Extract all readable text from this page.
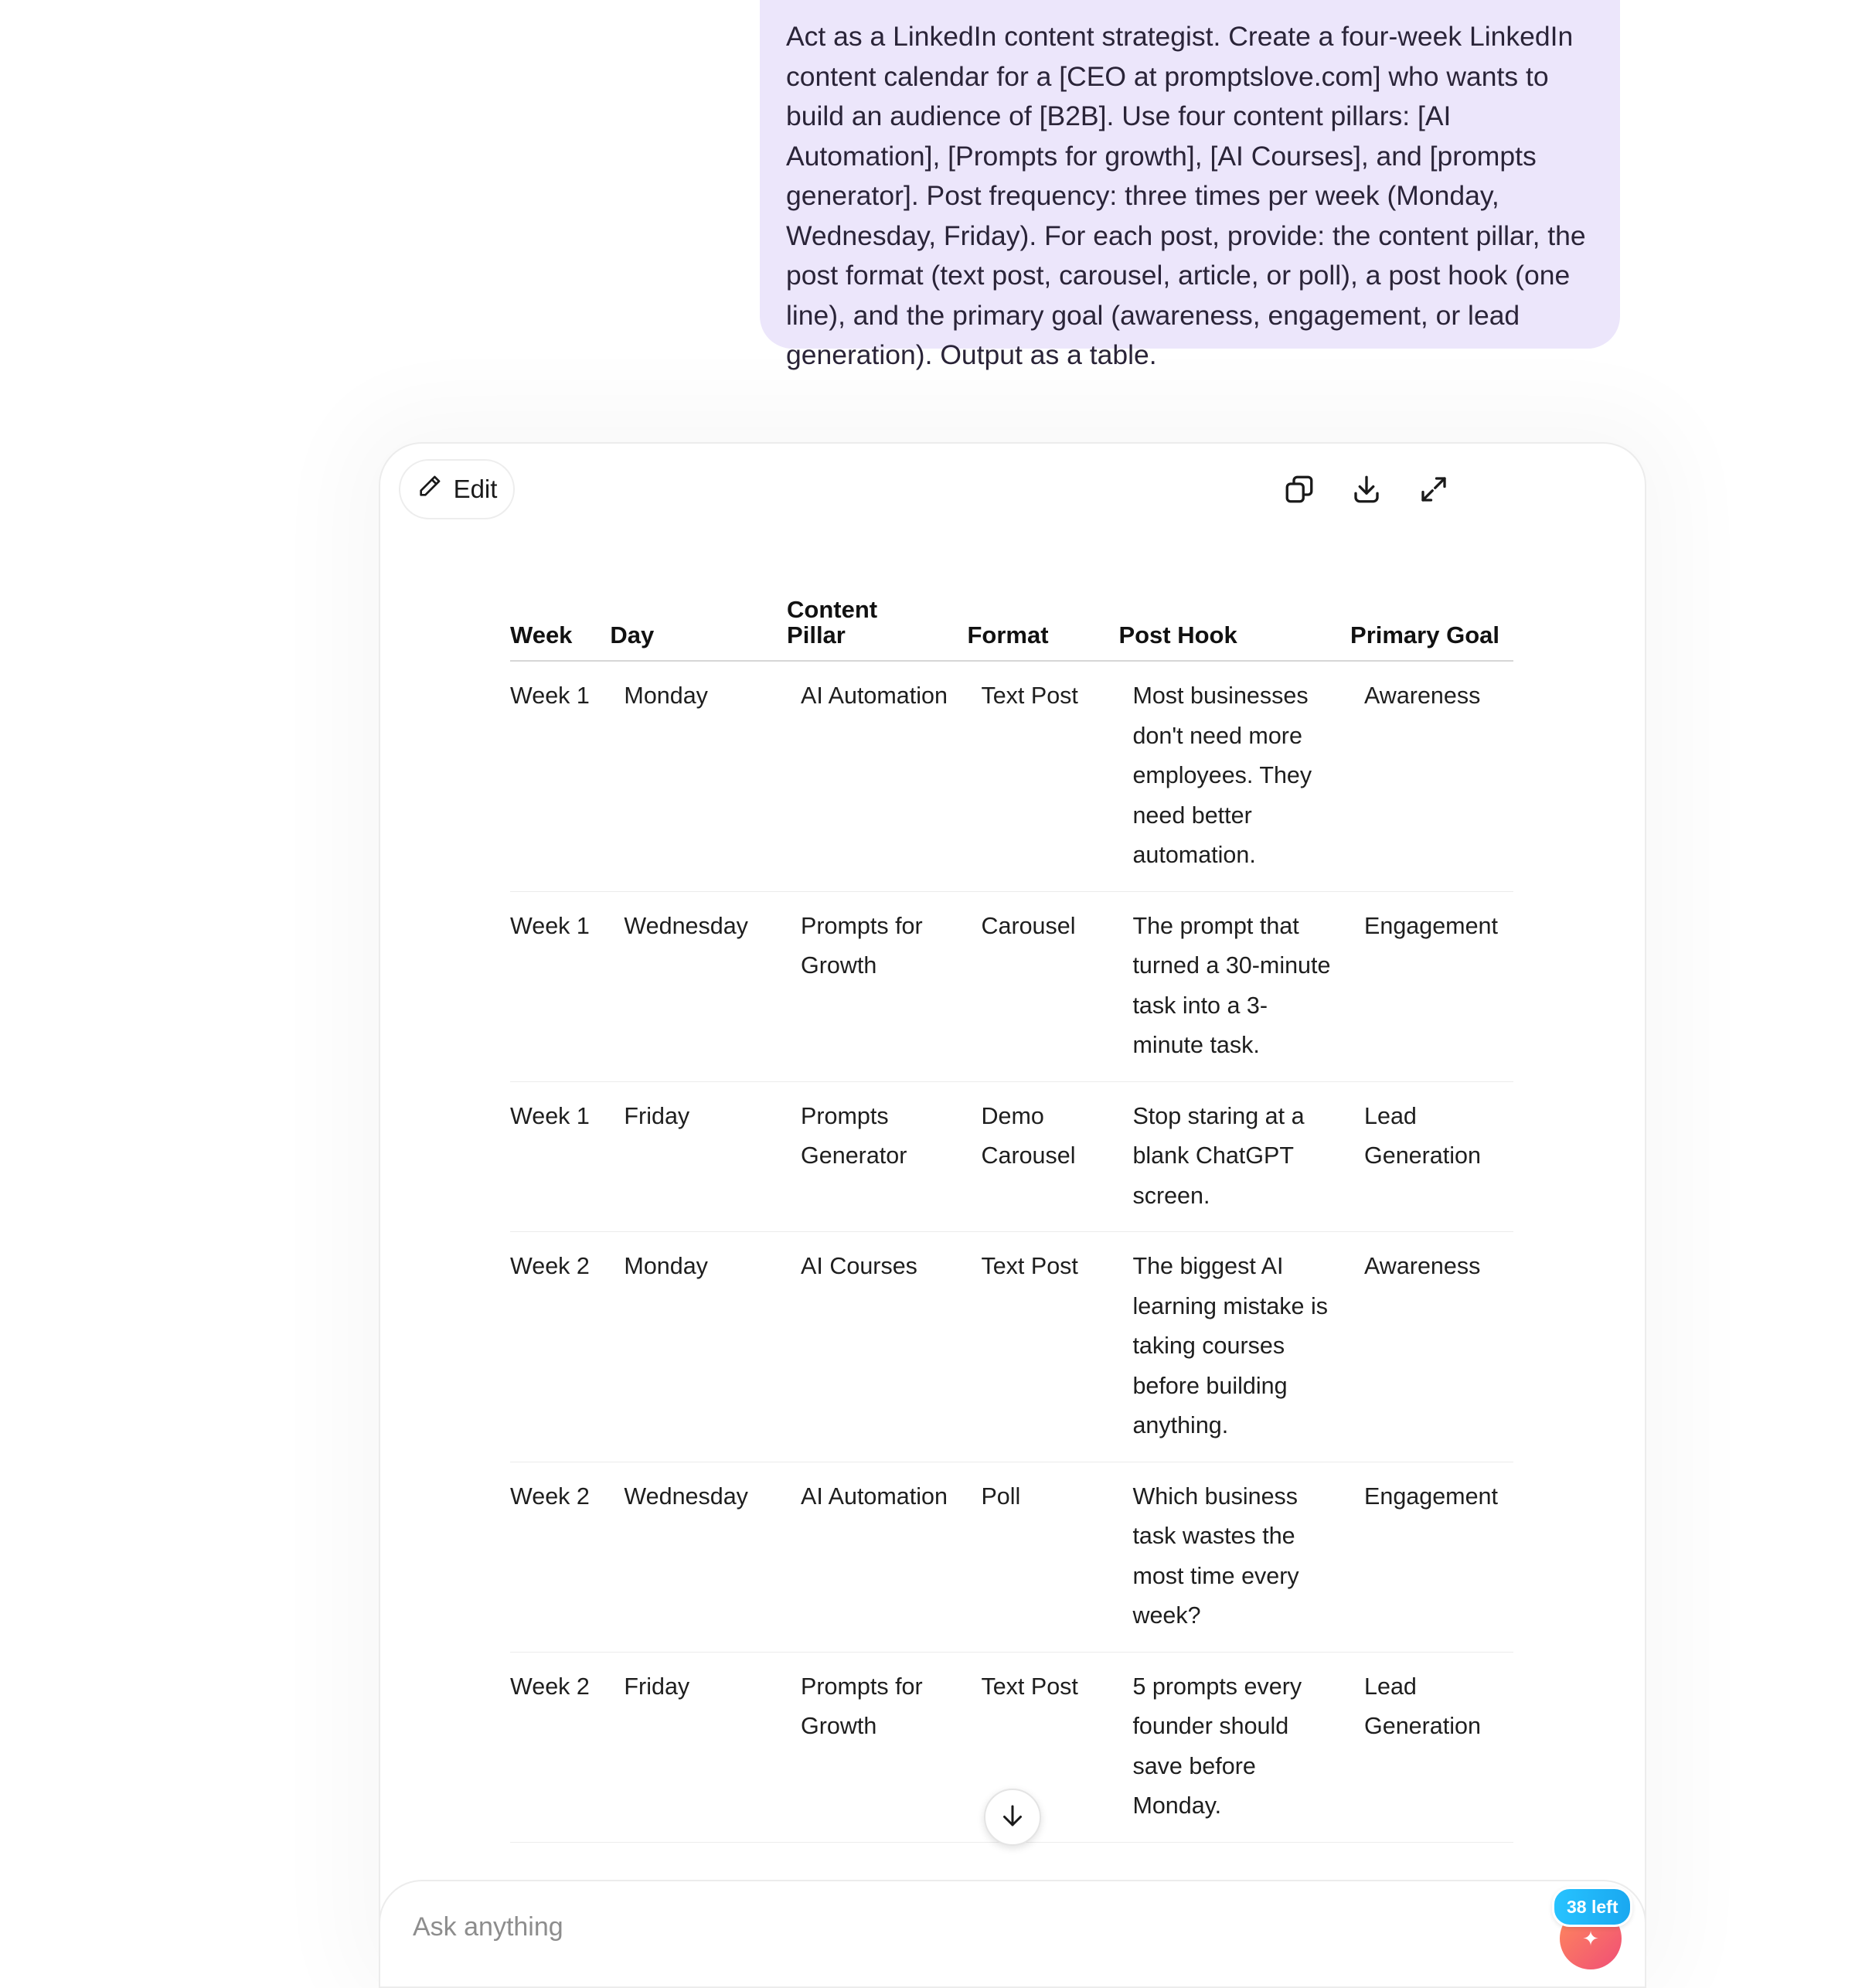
Act as a LinkedIn content strategist. Create a four-week LinkedIn content calendar for a [CEO at promptslove.com] who wants to build an audience of [B2B]. Use four content pillars: [AI Automation], [Prompts for growth], [AI Courses], and [prompts generator]. Post frequency: three times per week (Monday, Wednesday, Friday). For each post, provide: the content pillar, the post format (text post, carousel, article, or poll), a post hook (one line), and the primary goal (awareness, engagement, or lead generation). Output as a table.
Edit
Week	Day	Content Pillar	Format	Post Hook	Primary Goal
Week 1	Monday	AI Automation	Text Post	Most businesses don't need more employees. They need better automation.	Awareness
Week 1	Wednesday	Prompts for Growth	Carousel	The prompt that turned a 30-minute task into a 3-minute task.	Engagement
Week 1	Friday	Prompts Generator	Demo Carousel	Stop staring at a blank ChatGPT screen.	Lead Generation
Week 2	Monday	AI Courses	Text Post	The biggest AI learning mistake is taking courses before building anything.	Awareness
Week 2	Wednesday	AI Automation	Poll	Which business task wastes the most time every week?	Engagement
Week 2	Friday	Prompts for Growth	Text Post	5 prompts every founder should save before Monday.	Lead Generation
Ask anything	✦
38 left
